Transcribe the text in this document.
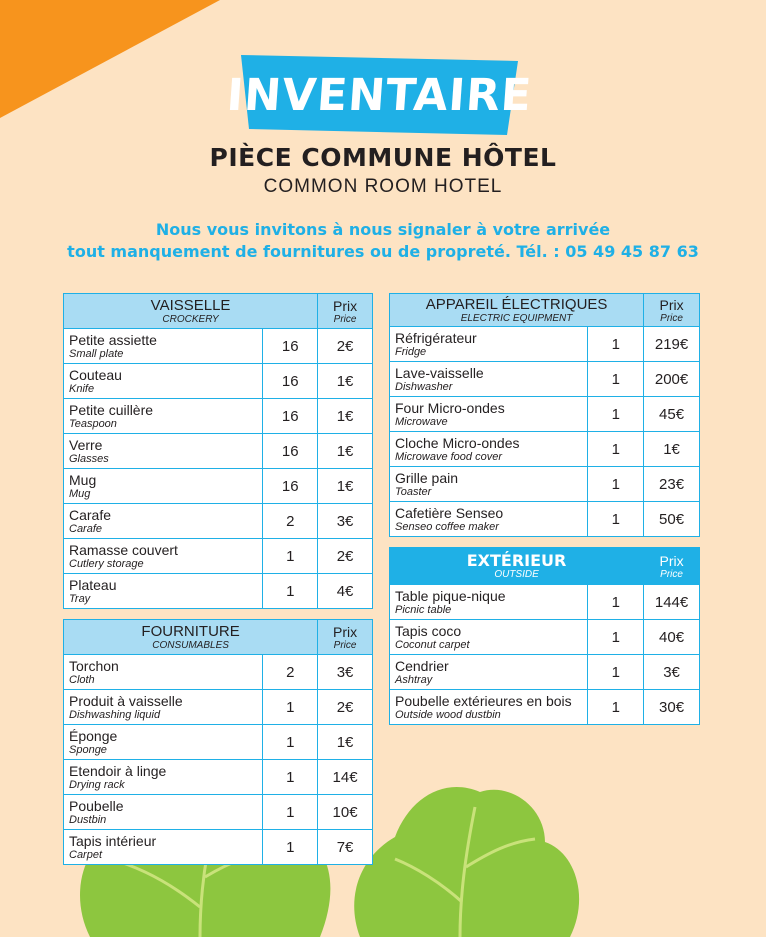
INVENTAIRE
PIÈCE COMMUNE HÔTEL
COMMON ROOM HOTEL
Nous vous invitons à nous signaler à votre arrivée
tout manquement de fournitures ou de propreté. Tél. : 05 49 45 87 63
VAISSELLE
CROCKERY		Prix
Price

Petite assiette
Small plate	16	2€

Couteau
Knife	16	1€

Petite cuillère
Teaspoon	16	1€

Verre
Glasses	16	1€

Mug
Mug	16	1€

Carafe
Carafe	2	3€

Ramasse couvert
Cutlery storage	1	2€

Plateau
Tray	1	4€
FOURNITURE
CONSUMABLES		Prix
Price

Torchon
Cloth	2	3€

Produit à vaisselle
Dishwashing liquid	1	2€

Éponge
Sponge	1	1€

Etendoir à linge
Drying rack	1	14€

Poubelle
Dustbin	1	10€

Tapis intérieur
Carpet	1	7€
APPAREIL ÉLECTRIQUES
ELECTRIC EQUIPMENT		Prix
Price

Réfrigérateur
Fridge	1	219€

Lave-vaisselle
Dishwasher	1	200€

Four Micro-ondes
Microwave	1	45€

Cloche Micro-ondes
Microwave food cover	1	1€

Grille pain
Toaster	1	23€

Cafetière Senseo
Senseo coffee maker	1	50€
EXTÉRIEUR
OUTSIDE		Prix
Price

Table pique-nique
Picnic table	1	144€

Tapis coco
Coconut carpet	1	40€

Cendrier
Ashtray	1	3€

Poubelle extérieures en bois
Outside wood dustbin	1	30€
